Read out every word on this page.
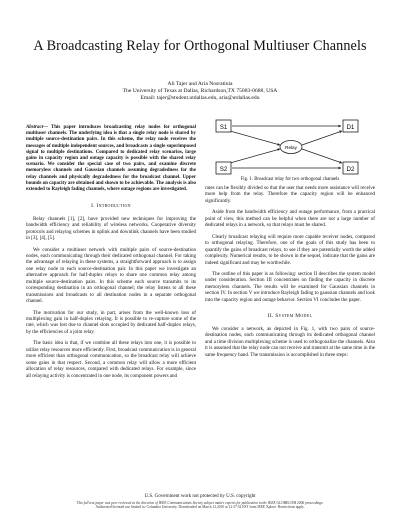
A Broadcasting Relay for Orthogonal Multiuser Channels
Ali Tajer and Aria Nosratinia
The University of Texas at Dallas, Richardson,TX 75083-0688, USA
Email: tajer@student.utdallas.edu, aria@utdallas.edu
Abstract— This paper introduces broadcasting relay nodes for orthogonal multiuser channels. The underlying idea is that a single relay node is shared by multiple source-destination pairs. In this scheme, the relay node receives the messages of multiple independent sources, and broadcasts a single superimposed signal to multiple destinations. Compared to dedicated relay scenarios, large gains in capacity region and outage capacity is possible with the shared relay scenario. We consider the special case of two pairs, and examine discrete memoryless channels and Gaussian channels assuming degradedness for the relay channels and physically degradedness for the broadcast channel. Upper bounds on capacity are obtained and shown to be achievable. The analysis is also extended to Rayleigh fading channels, where outage regions are investigated.
I. Introduction

Relay channels [1], [2], have provided new techniques for improving the bandwidth efficiency and reliability of wireless networks. Cooperative diversity protocols and relaying schemes in uplink and downlink channels have been studied in [3], [4], [5].

We consider a multiuser network with multiple pairs of source-destination nodes, each communicating through their dedicated orthogonal channel. For taking the advantage of relaying in these systems, a straightforward approach is to assign one relay node to each source-destination pair. In this paper we investigate an alternative approach for half-duplex relays to share one common relay among multiple source-destination pairs. In this scheme each source transmits to its corresponding destination in an orthogonal channel; the relay listens to all these transmissions and broadcasts to all destination nodes in a separate orthogonal channel.

The motivation for our study, in part, arises from the well-known loss of multiplexing gain in half-duplex relaying. It is possible to re-capture some of the rate, which was lost due to channel slots occupied by dedicated half-duplex relays, by the efficiencies of a joint relay.

The basic idea is that, if we combine all these relays into one, it is possible to utilize relay resources more efficiently. First, broadcast communication is in general more efficient than orthogonal communication, so the broadcast relay will achieve some gains in that respect. Second, a common relay will allow a more efficient allocation of relay resources, compared with dedicated relays. For example, since all relaying activity is concentrated in one node, its component powers and

S1
S2
D1
D2
Relay
Fig. 1. Broadcast relay for two orthogonal channels

rates can be flexibly divided so that the user that needs more assistance will receive more help from the relay. Therefore the capacity region will be enhanced significantly.

Aside from the bandwidth efficiency and outage performance, from a practical point of view, this method can be helpful when there are not a large number of dedicated relays in a network, so that relays must be shared.

Clearly broadcast relaying will require more capable receiver nodes, compared to orthogonal relaying. Therefore, one of the goals of this study has been to quantify the gains of broadcast relays, to see if they are potentially worth the added complexity. Numerical results, to be shown in the sequel, indicate that the gains are indeed significant and may be worthwhile.

The outline of this paper is as following: section II describes the system model under consideration. Section III concentrates on finding the capacity in discrete memoryless channels. The results will be examined for Gaussian channels in section IV. In section V we introduce Rayleigh fading to gaussian channels and look into the capacity region and outage behavior. Section VI concludes the paper.

II. System Model

We consider a network, as depicted in Fig. 1, with two pairs of source-destination nodes, each communicating through its dedicated orthogonal channel and a time division multiplexing scheme is used to orthogonalize the channels. Also it is assumed that the relay node can not receive and transmit at the same time in the same frequency band. The transmission is accomplished in three steps:

U.S. Government work not protected by U.S. copyright
This full text paper was peer reviewed at the direction of IEEE Communications Society subject matter experts for publication in the IEEE GLOBECOM 2006 proceedings.
Authorized licensed use limited to: Columbia University. Downloaded on March 12,2010 at 12:37:52 EST from IEEE Xplore. Restrictions apply.
